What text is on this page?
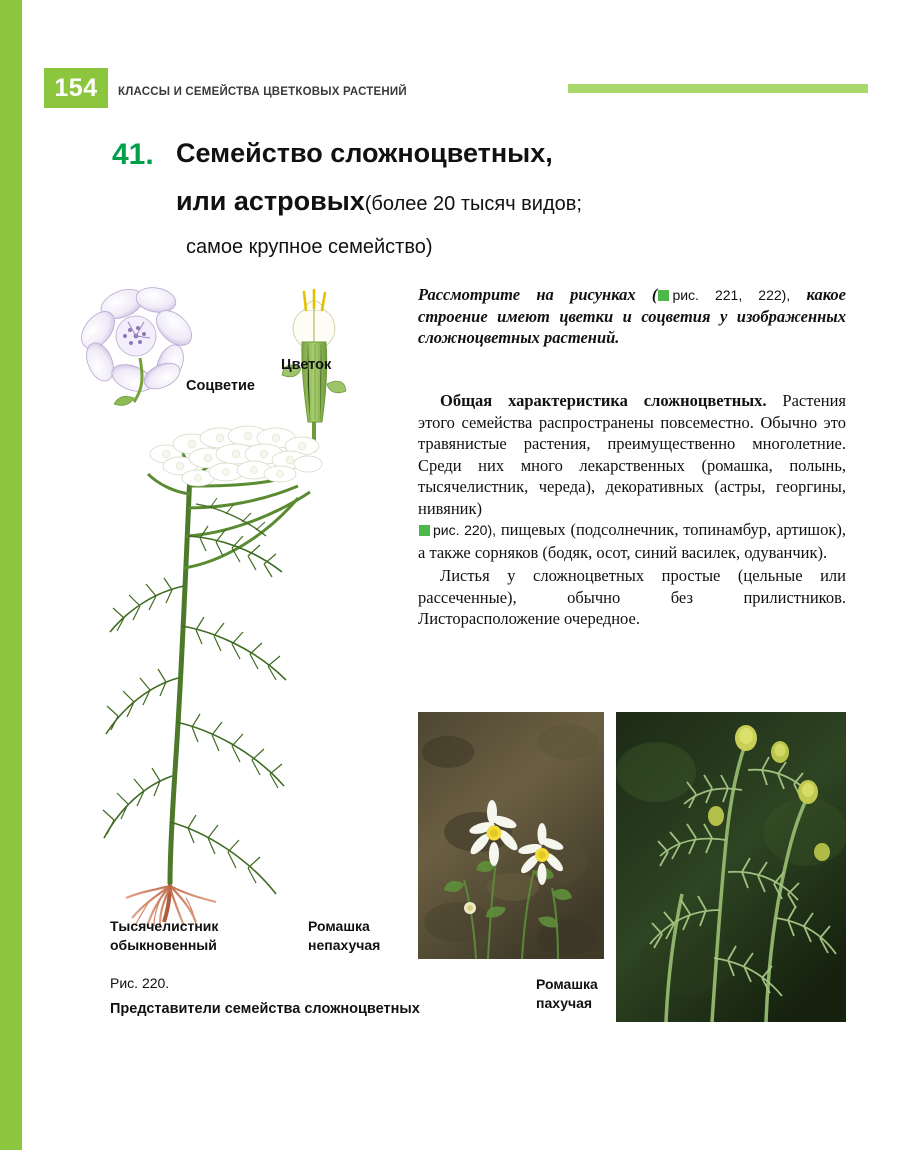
154 КЛАССЫ И СЕМЕЙСТВА ЦВЕТКОВЫХ РАСТЕНИЙ
41. Семейство сложноцветных,
или астровых(более 20 тысяч видов;
самое крупное семейство)
Соцветие
Цветок
Рассмотрите на рисунках ( рис. 221, 222), какое строение имеют цветки и соцветия у изображенных сложноцветных растений.

Общая характеристика сложноцветных. Растения этого семейства распространены повсеместно. Обычно это травянистые растения, преимущественно многолетние. Среди них много лекарственных (ромашка, полынь, тысячелистник, череда), декоративных (астры, георгины, нивяник)
рис. 220), пищевых (подсолнечник, топинамбур, артишок), а также сорняков (бодяк, осот, синий василек, одуванчик).

Листья у сложноцветных простые (цельные или рассеченные), обычно без прилистников. Листорасположение очередное.

Тысячелистник
обыкновенный
Ромашка
непахучая
Ромашка
пахучая
Рис. 220.
Представители семейства сложноцветных
